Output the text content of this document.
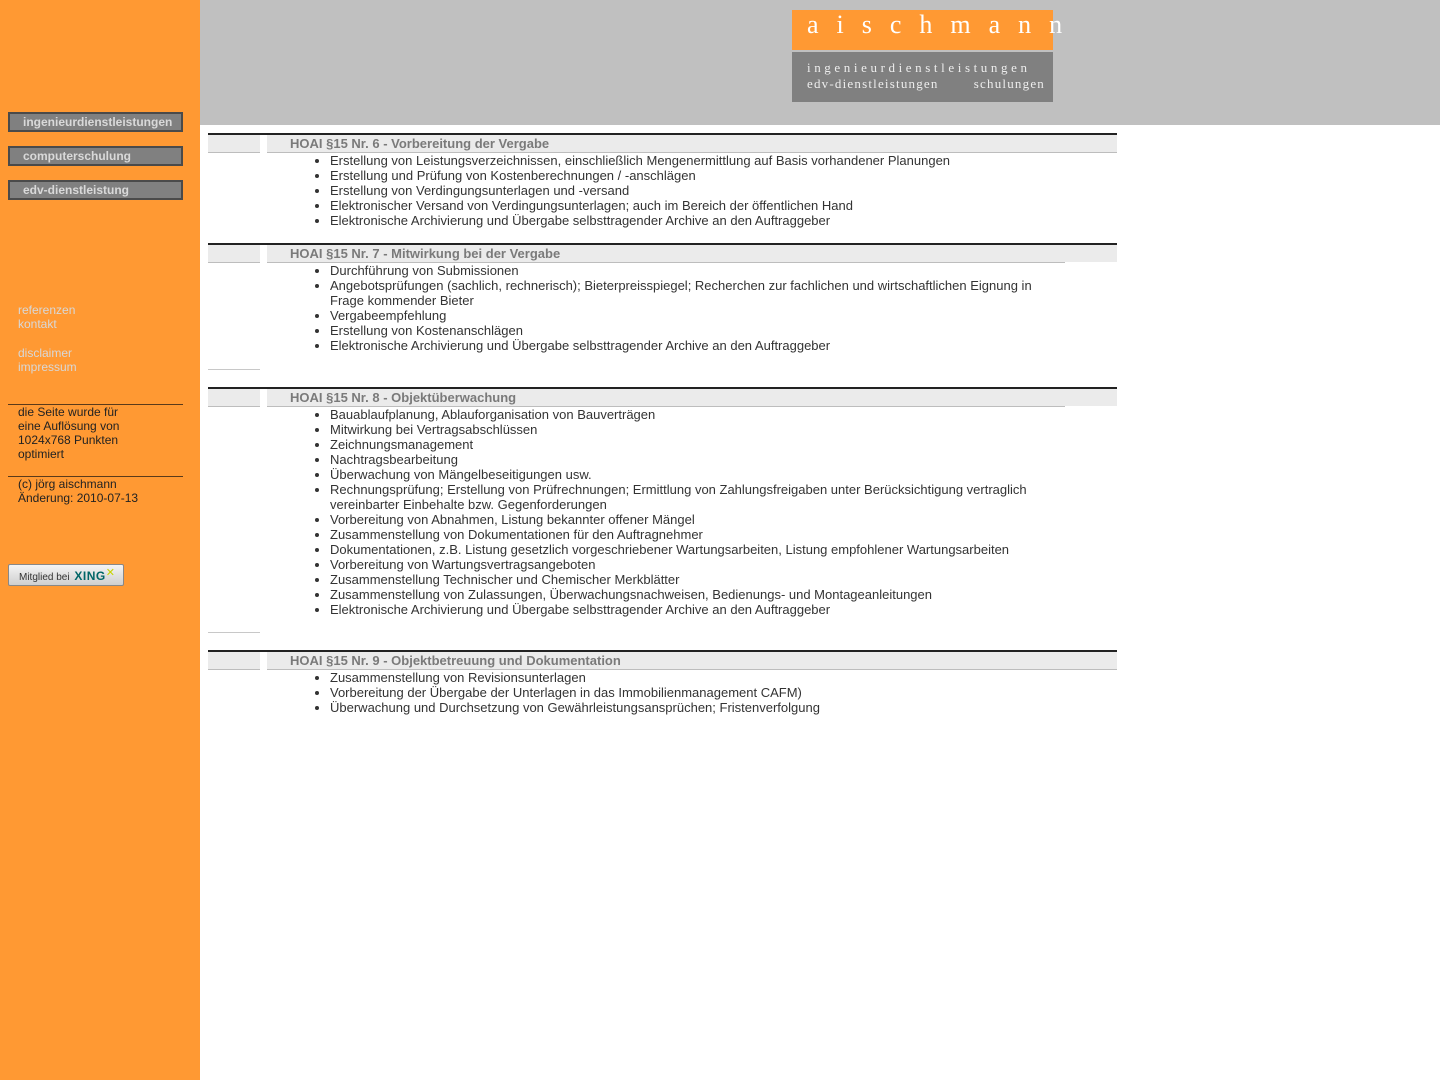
ingenieurdienstleistungen
computerschulung
edv-dienstleistung
referenzen
kontakt
disclaimer
impressum
die Seite wurde für
eine Auflösung von
1024x768 Punkten
optimiert
(c) jörg aischmann
Änderung: 2010-07-13
Mitglied bei XING✕
aischmann
ingenieurdienstleistungen
edv-dienstleistungen	schulungen
HOAI §15 Nr. 6 - Vorbereitung der Vergabe
• Erstellung von Leistungsverzeichnissen, einschließlich Mengenermittlung auf Basis vorhandener Planungen
• Erstellung und Prüfung von Kostenberechnungen / -anschlägen
• Erstellung von Verdingungsunterlagen und -versand
• Elektronischer Versand von Verdingungsunterlagen; auch im Bereich der öffentlichen Hand
• Elektronische Archivierung und Übergabe selbsttragender Archive an den Auftraggeber
HOAI §15 Nr. 7 - Mitwirkung bei der Vergabe
• Durchführung von Submissionen
• Angebotsprüfungen (sachlich, rechnerisch); Bieterpreisspiegel; Recherchen zur fachlichen und wirtschaftlichen Eignung in Frage kommender Bieter
• Vergabeempfehlung
• Erstellung von Kostenanschlägen
• Elektronische Archivierung und Übergabe selbsttragender Archive an den Auftraggeber
HOAI §15 Nr. 8 - Objektüberwachung
• Bauablaufplanung, Ablauforganisation von Bauverträgen
• Mitwirkung bei Vertragsabschlüssen
• Zeichnungsmanagement
• Nachtragsbearbeitung
• Überwachung von Mängelbeseitigungen usw.
• Rechnungsprüfung; Erstellung von Prüfrechnungen; Ermittlung von Zahlungsfreigaben unter Berücksichtigung vertraglich vereinbarter Einbehalte bzw. Gegenforderungen
• Vorbereitung von Abnahmen, Listung bekannter offener Mängel
• Zusammenstellung von Dokumentationen für den Auftragnehmer
• Dokumentationen, z.B. Listung gesetzlich vorgeschriebener Wartungsarbeiten, Listung empfohlener Wartungsarbeiten
• Vorbereitung von Wartungsvertragsangeboten
• Zusammenstellung Technischer und Chemischer Merkblätter
• Zusammenstellung von Zulassungen, Überwachungsnachweisen, Bedienungs- und Montageanleitungen
• Elektronische Archivierung und Übergabe selbsttragender Archive an den Auftraggeber
HOAI §15 Nr. 9 - Objektbetreuung und Dokumentation
• Zusammenstellung von Revisionsunterlagen
• Vorbereitung der Übergabe der Unterlagen in das Immobilienmanagement CAFM)
• Überwachung und Durchsetzung von Gewährleistungsansprüchen; Fristenverfolgung
